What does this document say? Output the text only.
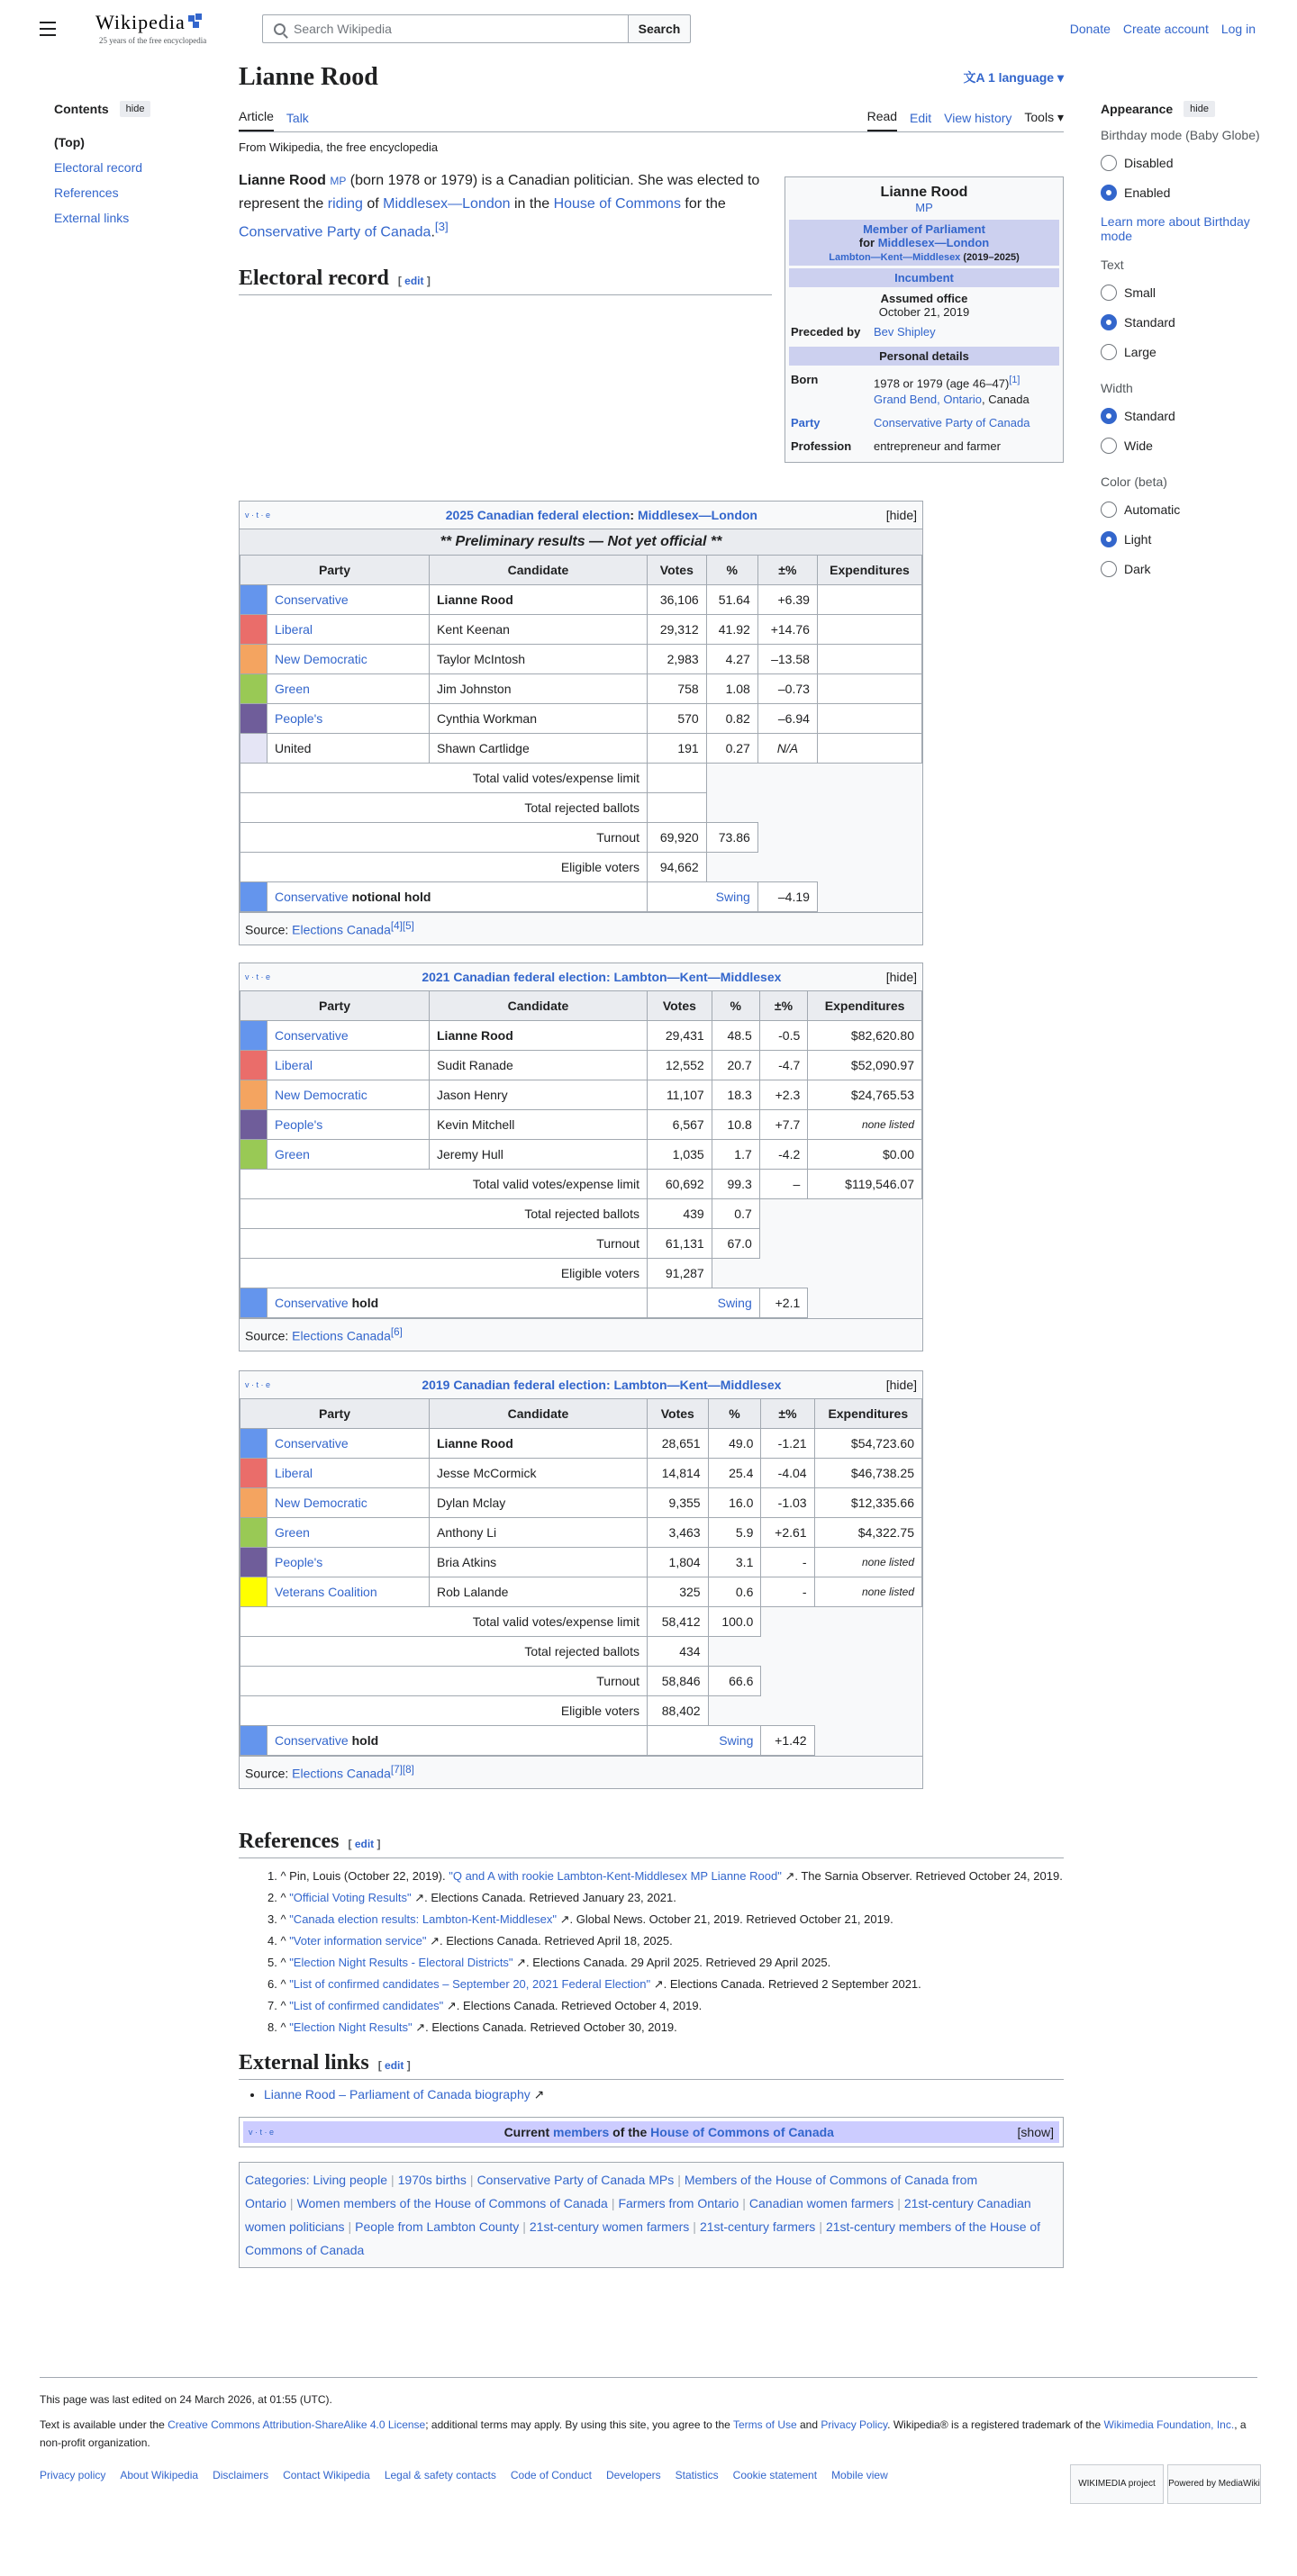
Wikipedia
25 years of the free encyclopedia
Search Wikipedia	Search	Donate Create account Log in
Contents	hide
(Top)
Electoral record
References
External links
Lianne Rood	文A 1 language ▾
Article Talk	Read Edit View history Tools ▾
From Wikipedia, the free encyclopedia

Lianne Rood MP (born 1978 or 1979) is a Canadian politician. She was elected to represent the riding of Middlesex—London in the House of Commons for the Conservative Party of Canada.[3]

Electoral record [ edit ]
Lianne Rood
MP
Member of Parliament
for Middlesex—London
Lambton—Kent—Middlesex (2019–2025)
Incumbent
Assumed office
October 21, 2019
Preceded by	Bev Shipley
Personal details
Born	1978 or 1979 (age 46–47)[1]
Grand Bend, Ontario, Canada
Party	Conservative Party of Canada
Profession	entrepreneur and farmer
v · t · e	2025 Canadian federal election: Middlesex—London	[hide]
** Preliminary results — Not yet official **
Party		Candidate	Votes	%	±%	Expenditures
	Conservative	Lianne Rood	36,106	51.64	+6.39	
	Liberal	Kent Keenan	29,312	41.92	+14.76	
	New Democratic	Taylor McIntosh	2,983	4.27	–13.58	
	Green	Jim Johnston	758	1.08	–0.73	
	People's	Cynthia Workman	570	0.82	–6.94	
	United	Shawn Cartlidge	191	0.27	N/A	
Total valid votes/expense limit						
Total rejected ballots						
Turnout			69,920	73.86		
Eligible voters			94,662			
	Conservative notional hold		Swing		–4.19	
Source: Elections Canada[4][5]
v · t · e	2021 Canadian federal election: Lambton—Kent—Middlesex	[hide]
Party		Candidate	Votes	%	±%	Expenditures
	Conservative	Lianne Rood	29,431	48.5	-0.5	$82,620.80
	Liberal	Sudit Ranade	12,552	20.7	-4.7	$52,090.97
	New Democratic	Jason Henry	11,107	18.3	+2.3	$24,765.53
	People's	Kevin Mitchell	6,567	10.8	+7.7	none listed
	Green	Jeremy Hull	1,035	1.7	-4.2	$0.00
Total valid votes/expense limit			60,692	99.3	–	$119,546.07
Total rejected ballots			439	0.7		
Turnout			61,131	67.0		
Eligible voters			91,287			
	Conservative hold		Swing		+2.1	
Source: Elections Canada[6]
v · t · e	2019 Canadian federal election: Lambton—Kent—Middlesex	[hide]
Party		Candidate	Votes	%	±%	Expenditures
	Conservative	Lianne Rood	28,651	49.0	-1.21	$54,723.60
	Liberal	Jesse McCormick	14,814	25.4	-4.04	$46,738.25
	New Democratic	Dylan Mclay	9,355	16.0	-1.03	$12,335.66
	Green	Anthony Li	3,463	5.9	+2.61	$4,322.75
	People's	Bria Atkins	1,804	3.1	-	none listed
	Veterans Coalition	Rob Lalande	325	0.6	-	none listed
Total valid votes/expense limit			58,412	100.0		
Total rejected ballots			434			
Turnout			58,846	66.6		
Eligible voters			88,402			
	Conservative hold		Swing		+1.42	
Source: Elections Canada[7][8]
References [ edit ]
1. ^ Pin, Louis (October 22, 2019). "Q and A with rookie Lambton-Kent-Middlesex MP Lianne Rood" ↗. The Sarnia Observer. Retrieved October 24, 2019.
2. ^ "Official Voting Results" ↗. Elections Canada. Retrieved January 23, 2021.
3. ^ "Canada election results: Lambton-Kent-Middlesex" ↗. Global News. October 21, 2019. Retrieved October 21, 2019.
4. ^ "Voter information service" ↗. Elections Canada. Retrieved April 18, 2025.
5. ^ "Election Night Results - Electoral Districts" ↗. Elections Canada. 29 April 2025. Retrieved 29 April 2025.
6. ^ "List of confirmed candidates – September 20, 2021 Federal Election" ↗. Elections Canada. Retrieved 2 September 2021.
7. ^ "List of confirmed candidates" ↗. Elections Canada. Retrieved October 4, 2019.
8. ^ "Election Night Results" ↗. Elections Canada. Retrieved October 30, 2019.
External links [ edit ]
• Lianne Rood – Parliament of Canada biography ↗
v · t · e	Current members of the House of Commons of Canada	[show]
Categories: Living people | 1970s births | Conservative Party of Canada MPs | Members of the House of Commons of Canada from Ontario | Women members of the House of Commons of Canada | Farmers from Ontario | Canadian women farmers | 21st-century Canadian women politicians | People from Lambton County | 21st-century women farmers | 21st-century farmers | 21st-century members of the House of Commons of Canada
Appearance	hide
Birthday mode (Baby Globe)
Disabled
Enabled
Learn more about Birthday mode
Text
Small
Standard
Large
Width
Standard
Wide
Color (beta)
Automatic
Light
Dark
This page was last edited on 24 March 2026, at 01:55 (UTC).
Text is available under the Creative Commons Attribution-ShareAlike 4.0 License; additional terms may apply. By using this site, you agree to the Terms of Use and Privacy Policy. Wikipedia® is a registered trademark of the Wikimedia Foundation, Inc., a non-profit organization.
Privacy policy About Wikipedia Disclaimers Contact Wikipedia Legal & safety contacts Code of Conduct Developers Statistics Cookie statement Mobile view
WIKIMEDIA project	Powered by MediaWiki
